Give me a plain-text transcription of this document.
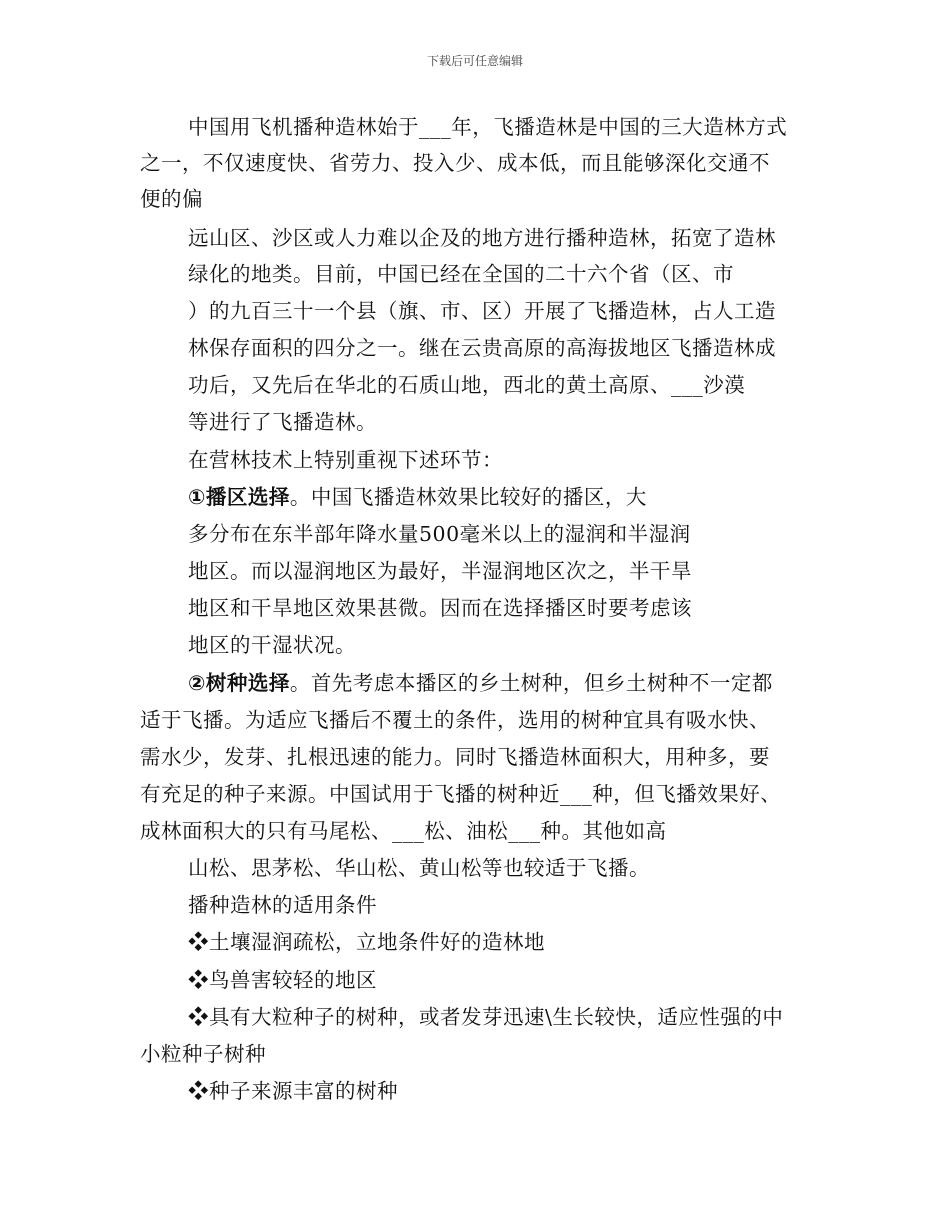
下载后可任意编辑
中国用飞机播种造林始于___年，飞播造林是中国的三大造林方式
之一，不仅速度快、省劳力、投入少、成本低，而且能够深化交通不
便的偏
远山区、沙区或人力难以企及的地方进行播种造林，拓宽了造林
绿化的地类。目前，中国已经在全国的二十六个省（区、市
）的九百三十一个县（旗、市、区）开展了飞播造林，占人工造
林保存面积的四分之一。继在云贵高原的高海拔地区飞播造林成
功后，又先后在华北的石质山地，西北的黄土高原、___沙漠
等进行了飞播造林。
在营林技术上特别重视下述环节：
①播区选择。中国飞播造林效果比较好的播区，大
多分布在东半部年降水量500毫米以上的湿润和半湿润
地区。而以湿润地区为最好，半湿润地区次之，半干旱
地区和干旱地区效果甚微。因而在选择播区时要考虑该
地区的干湿状况。
②树种选择。首先考虑本播区的乡土树种，但乡土树种不一定都
适于飞播。为适应飞播后不覆土的条件，选用的树种宜具有吸水快、
需水少，发芽、扎根迅速的能力。同时飞播造林面积大，用种多，要
有充足的种子来源。中国试用于飞播的树种近___种，但飞播效果好、
成林面积大的只有马尾松、___松、油松___种。其他如高
山松、思茅松、华山松、黄山松等也较适于飞播。
播种造林的适用条件
❖土壤湿润疏松，立地条件好的造林地
❖鸟兽害较轻的地区
❖具有大粒种子的树种，或者发芽迅速\生长较快，适应性强的中
小粒种子树种
❖种子来源丰富的树种
